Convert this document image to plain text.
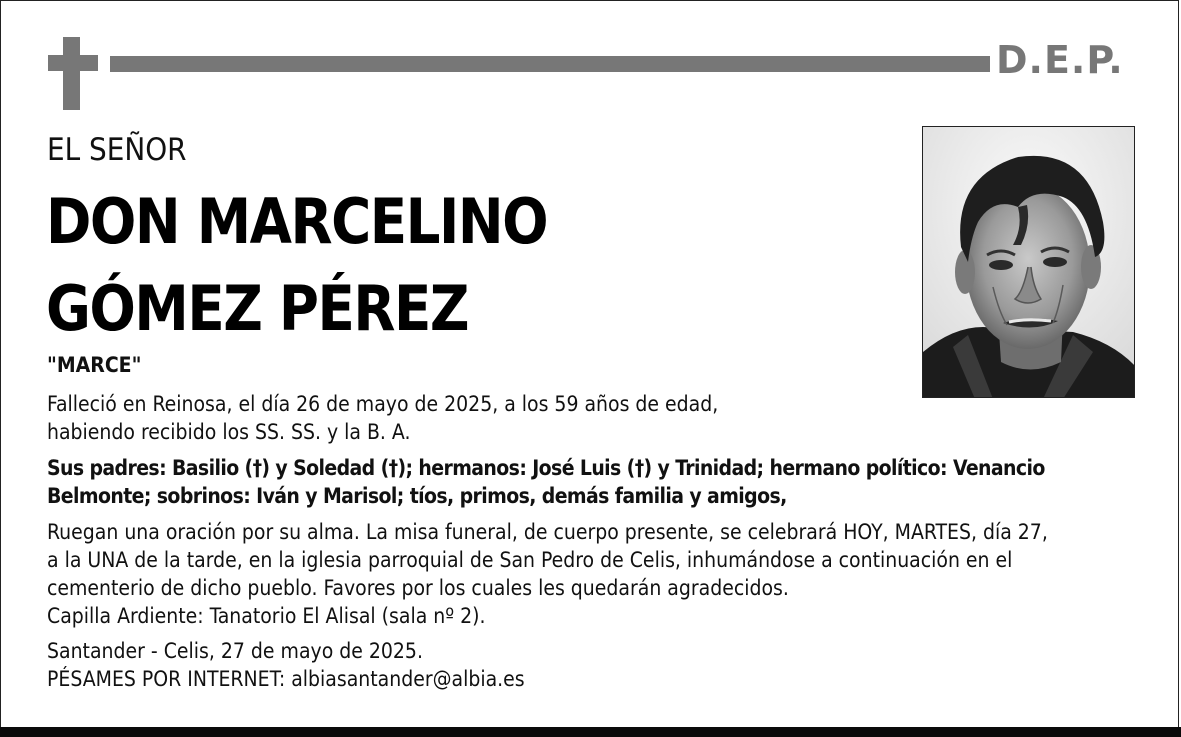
D.E.P.
EL SEÑOR
DON MARCELINO
GÓMEZ PÉREZ
"MARCE"
Falleció en Reinosa, el día 26 de mayo de 2025, a los 59 años de edad,
habiendo recibido los SS. SS. y la B. A.
Sus padres: Basilio (†) y Soledad (†); hermanos: José Luis (†) y Trinidad; hermano político: Venancio
Belmonte; sobrinos: Iván y Marisol; tíos, primos, demás familia y amigos,
Ruegan una oración por su alma. La misa funeral, de cuerpo presente, se celebrará HOY, MARTES, día 27,
a la UNA de la tarde, en la iglesia parroquial de San Pedro de Celis, inhumándose a continuación en el
cementerio de dicho pueblo. Favores por los cuales les quedarán agradecidos.
Capilla Ardiente: Tanatorio El Alisal (sala nº 2).
Santander - Celis, 27 de mayo de 2025.
PÉSAMES POR INTERNET: albiasantander@albia.es
